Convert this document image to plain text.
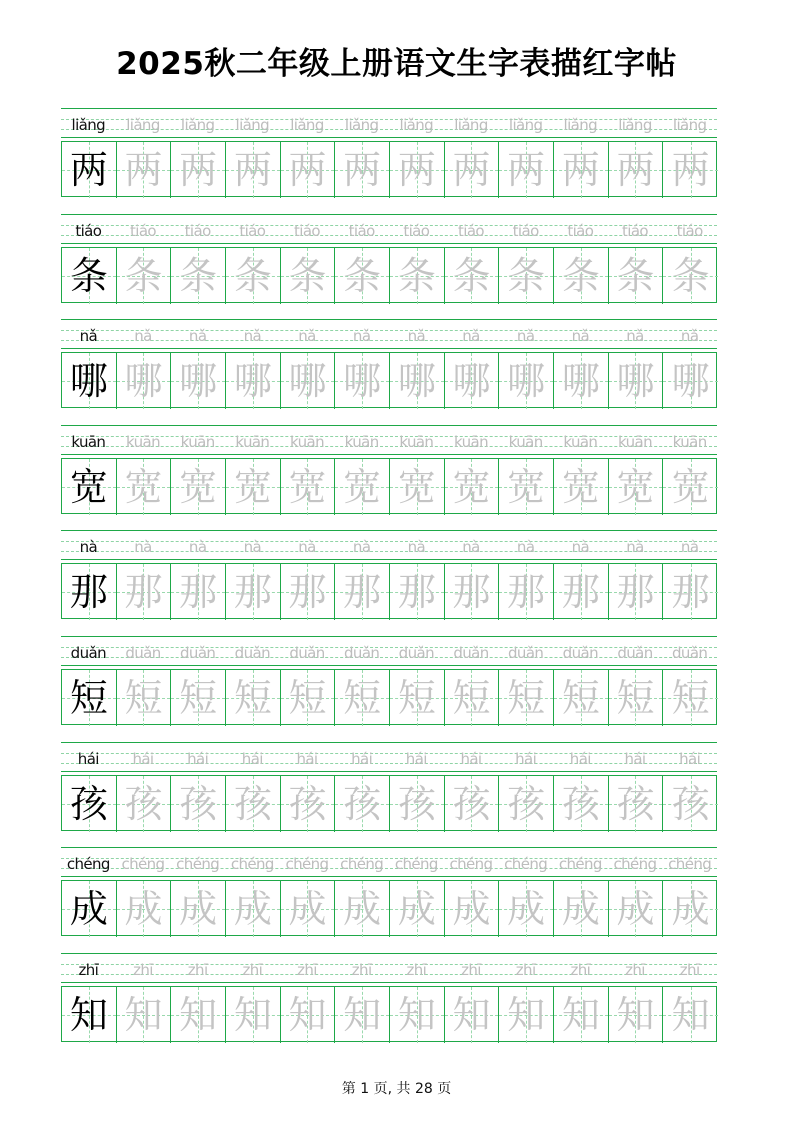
2025秋二年级上册语文生字表描红字帖
liǎng	liǎng	liǎng	liǎng	liǎng	liǎng	liǎng	liǎng	liǎng	liǎng	liǎng	liǎng
两 两 两 两 两 两 两 两 两 两 两 两
tiáo	tiáo	tiáo	tiáo	tiáo	tiáo	tiáo	tiáo	tiáo	tiáo	tiáo	tiáo
条 条 条 条 条 条 条 条 条 条 条 条
nǎ	nǎ	nǎ	nǎ	nǎ	nǎ	nǎ	nǎ	nǎ	nǎ	nǎ	nǎ
哪 哪 哪 哪 哪 哪 哪 哪 哪 哪 哪 哪
kuān	kuān	kuān	kuān	kuān	kuān	kuān	kuān	kuān	kuān	kuān	kuān
宽 宽 宽 宽 宽 宽 宽 宽 宽 宽 宽 宽
nà	nà	nà	nà	nà	nà	nà	nà	nà	nà	nà	nà
那 那 那 那 那 那 那 那 那 那 那 那
duǎn	duǎn	duǎn	duǎn	duǎn	duǎn	duǎn	duǎn	duǎn	duǎn	duǎn	duǎn
短 短 短 短 短 短 短 短 短 短 短 短
hái	hái	hái	hái	hái	hái	hái	hái	hái	hái	hái	hái
孩 孩 孩 孩 孩 孩 孩 孩 孩 孩 孩 孩
chéng chéng chéng chéng chéng chéng chéng chéng chéng chéng chéng chéng
成 成 成 成 成 成 成 成 成 成 成 成
zhī	zhī	zhī	zhī	zhī	zhī	zhī	zhī	zhī	zhī	zhī	zhī
知 知 知 知 知 知 知 知 知 知 知 知
第 1 页, 共 28 页
